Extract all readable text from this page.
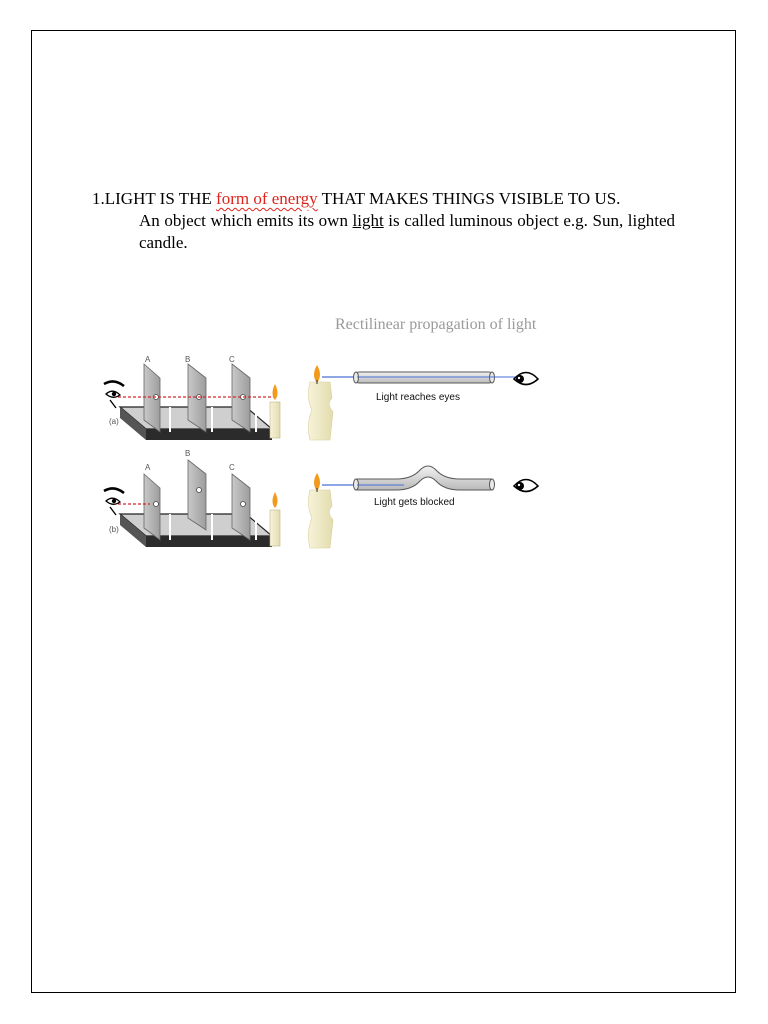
1.LIGHT IS THE form of energy THAT MAKES THINGS VISIBLE TO US.
An object which emits its own light is called luminous object e.g. Sun, lighted candle.
Rectilinear propagation of light
A	B	C
(a)
A
B
C
(b)
Light reaches eyes
Light gets blocked
